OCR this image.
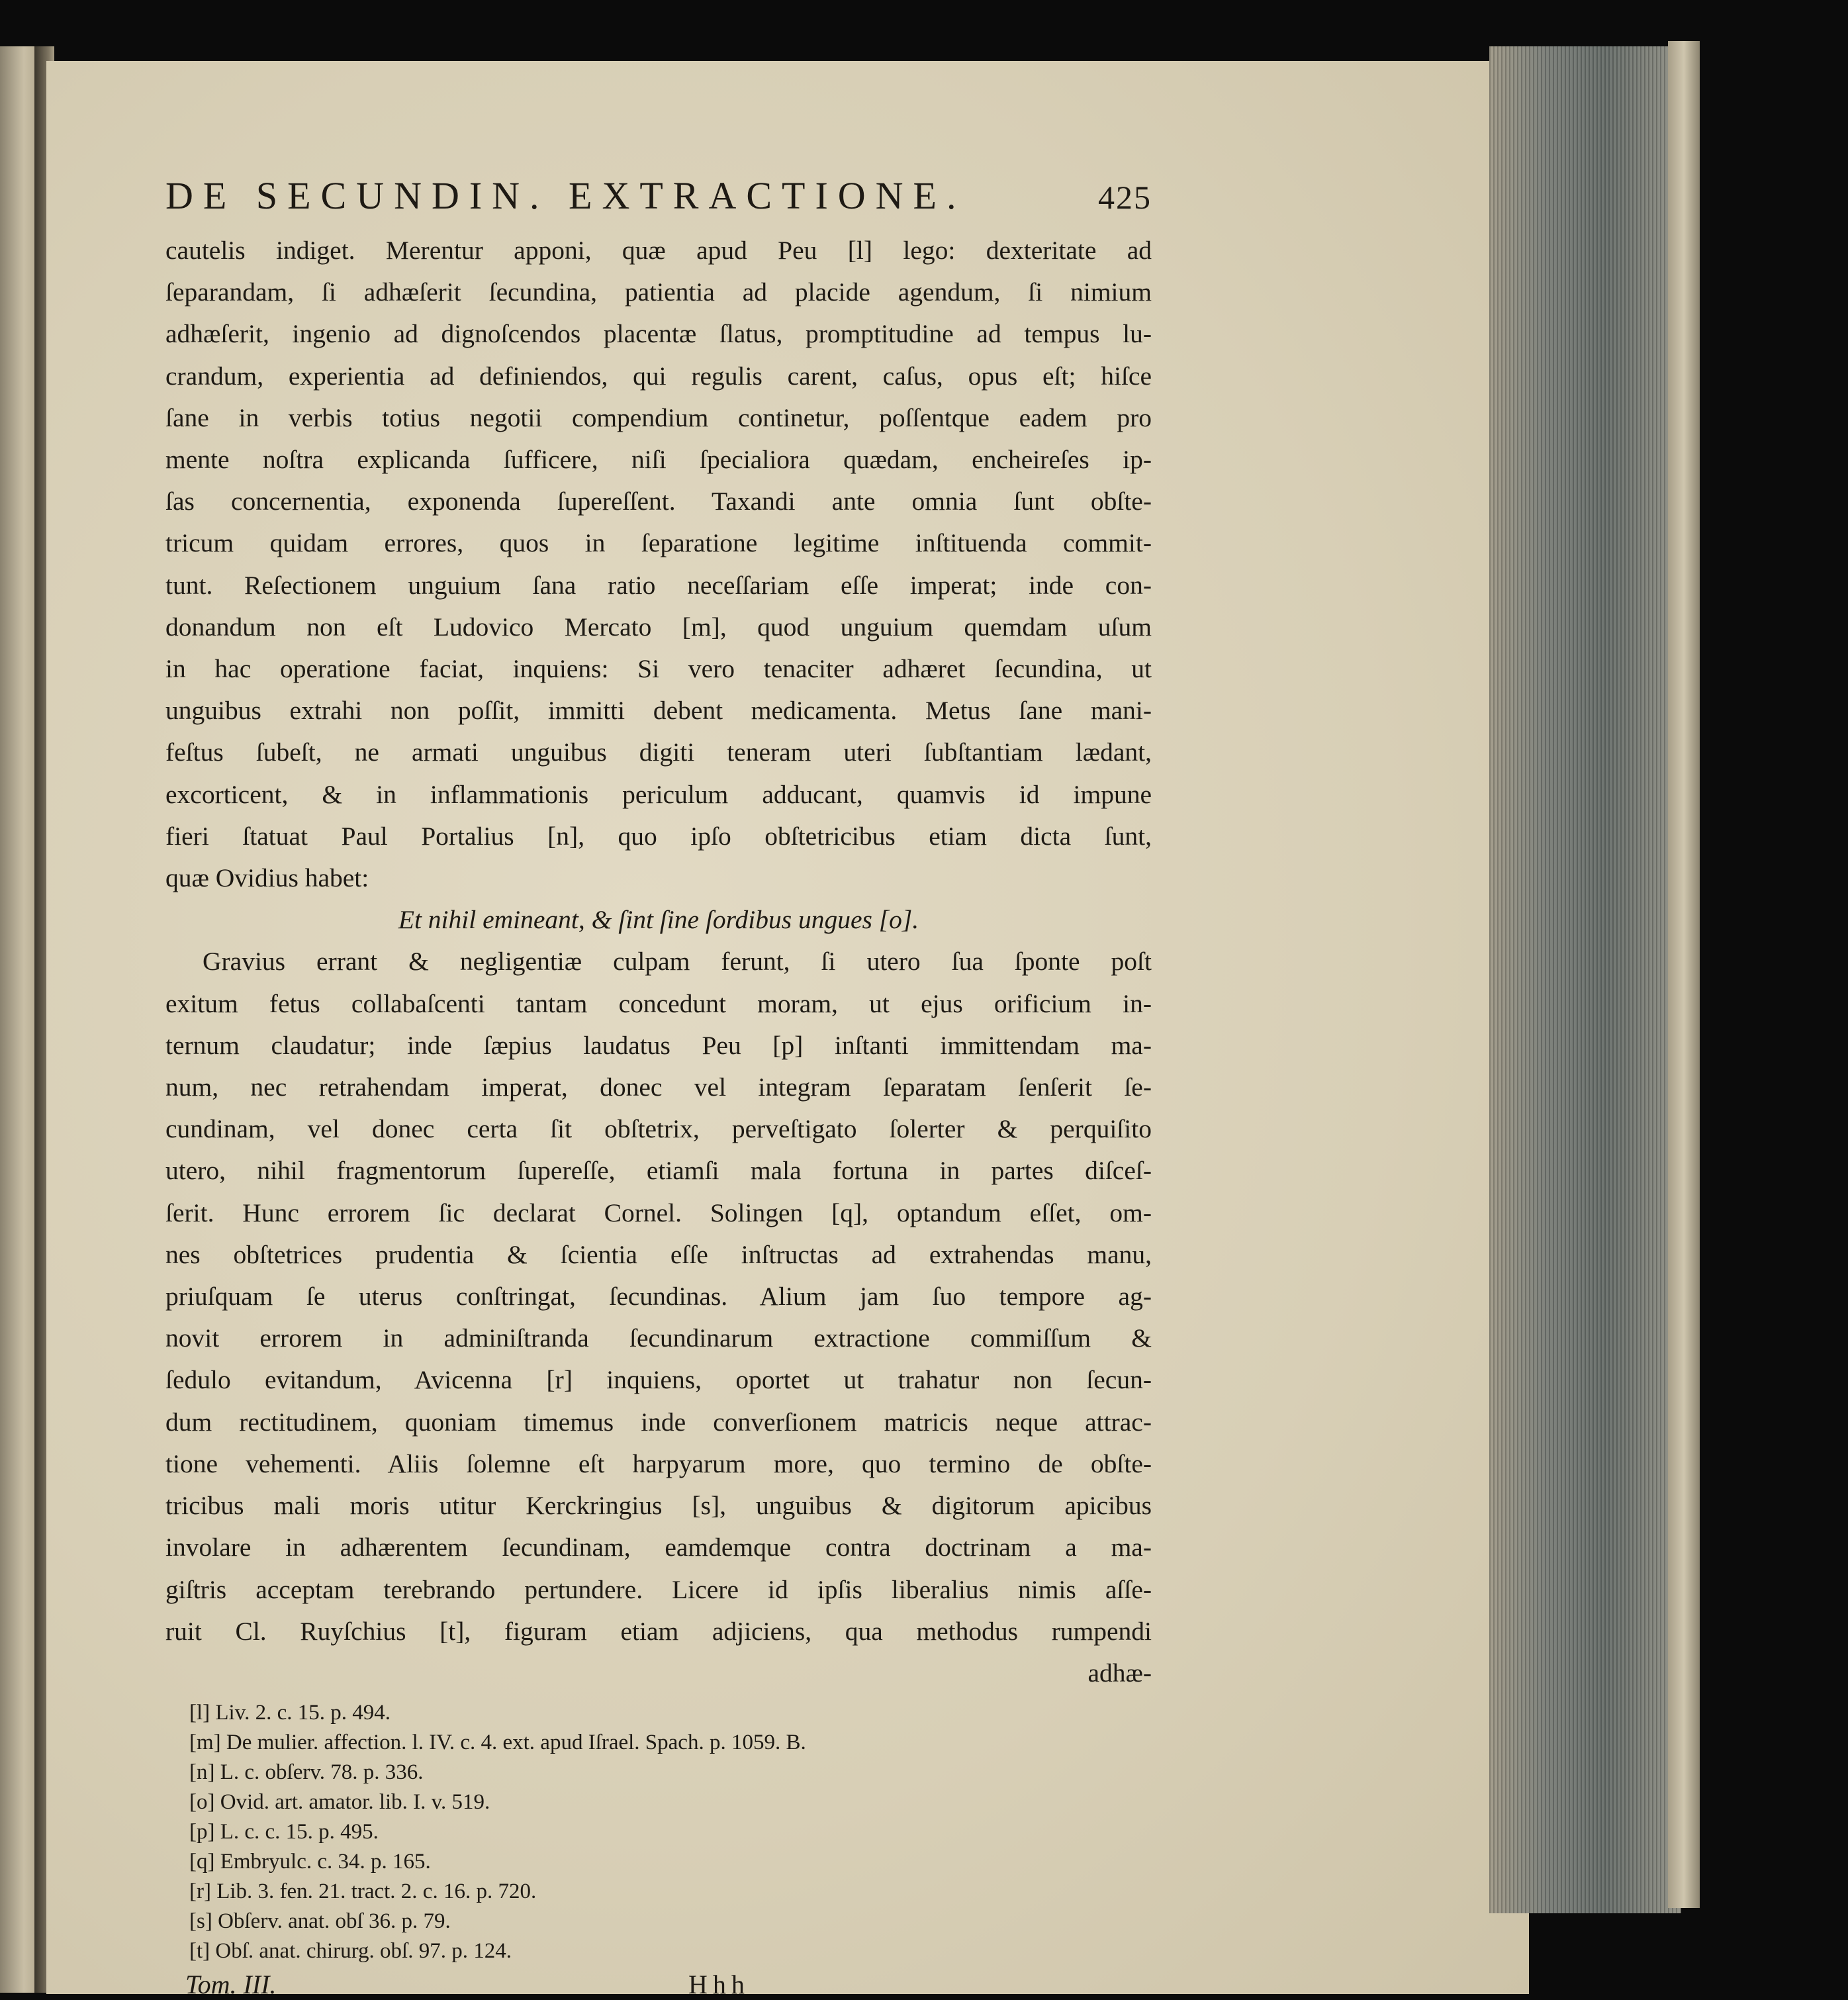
DE SECUNDIN. EXTRACTIONE.	425
cautelis indiget. Merentur apponi, quæ apud Peu [l] lego: dexteritate ad
ſeparandam, ſi adhæſerit ſecundina, patientia ad placide agendum, ſi nimium
adhæſerit, ingenio ad dignoſcendos placentæ ſlatus, promptitudine ad tempus lu-
crandum, experientia ad definiendos, qui regulis carent, caſus, opus eſt; hiſce
ſane in verbis totius negotii compendium continetur, poſſentque eadem pro
mente noſtra explicanda ſufficere, niſi ſpecialiora quædam, encheireſes ip-
ſas concernentia, exponenda ſupereſſent. Taxandi ante omnia ſunt obſte-
tricum quidam errores, quos in ſeparatione legitime inſtituenda commit-
tunt. Reſectionem unguium ſana ratio neceſſariam eſſe imperat; inde con-
donandum non eſt Ludovico Mercato [m], quod unguium quemdam uſum
in hac operatione faciat, inquiens: Si vero tenaciter adhæret ſecundina, ut
unguibus extrahi non poſſit, immitti debent medicamenta. Metus ſane mani-
feſtus ſubeſt, ne armati unguibus digiti teneram uteri ſubſtantiam lædant,
excorticent, & in inflammationis periculum adducant, quamvis id impune
fieri ſtatuat Paul Portalius [n], quo ipſo obſtetricibus etiam dicta ſunt,
quæ Ovidius habet:
Et nihil emineant, & ſint ſine ſordibus ungues [o].
Gravius errant & negligentiæ culpam ferunt, ſi utero ſua ſponte poſt
exitum fetus collabaſcenti tantam concedunt moram, ut ejus orificium in-
ternum claudatur; inde ſæpius laudatus Peu [p] inſtanti immittendam ma-
num, nec retrahendam imperat, donec vel integram ſeparatam ſenſerit ſe-
cundinam, vel donec certa ſit obſtetrix, perveſtigato ſolerter & perquiſito
utero, nihil fragmentorum ſupereſſe, etiamſi mala fortuna in partes diſceſ-
ſerit. Hunc errorem ſic declarat Cornel. Solingen [q], optandum eſſet, om-
nes obſtetrices prudentia & ſcientia eſſe inſtructas ad extrahendas manu,
priuſquam ſe uterus conſtringat, ſecundinas. Alium jam ſuo tempore ag-
novit errorem in adminiſtranda ſecundinarum extractione commiſſum &
ſedulo evitandum, Avicenna [r] inquiens, oportet ut trahatur non ſecun-
dum rectitudinem, quoniam timemus inde converſionem matricis neque attrac-
tione vehementi. Aliis ſolemne eſt harpyarum more, quo termino de obſte-
tricibus mali moris utitur Kerckringius [s], unguibus & digitorum apicibus
involare in adhærentem ſecundinam, eamdemque contra doctrinam a ma-
giſtris acceptam terebrando pertundere. Licere id ipſis liberalius nimis aſſe-
ruit Cl. Ruyſchius [t], figuram etiam adjiciens, qua methodus rumpendi
adhæ-
[l] Liv. 2. c. 15. p. 494.
[m] De mulier. affection. l. IV. c. 4. ext. apud Iſrael. Spach. p. 1059. B.
[n] L. c. obſerv. 78. p. 336.
[o] Ovid. art. amator. lib. I. v. 519.
[p] L. c. c. 15. p. 495.
[q] Embryulc. c. 34. p. 165.
[r] Lib. 3. fen. 21. tract. 2. c. 16. p. 720.
[s] Obſerv. anat. obſ 36. p. 79.
[t] Obſ. anat. chirurg. obſ. 97. p. 124.
Tom. III.	Hhh
